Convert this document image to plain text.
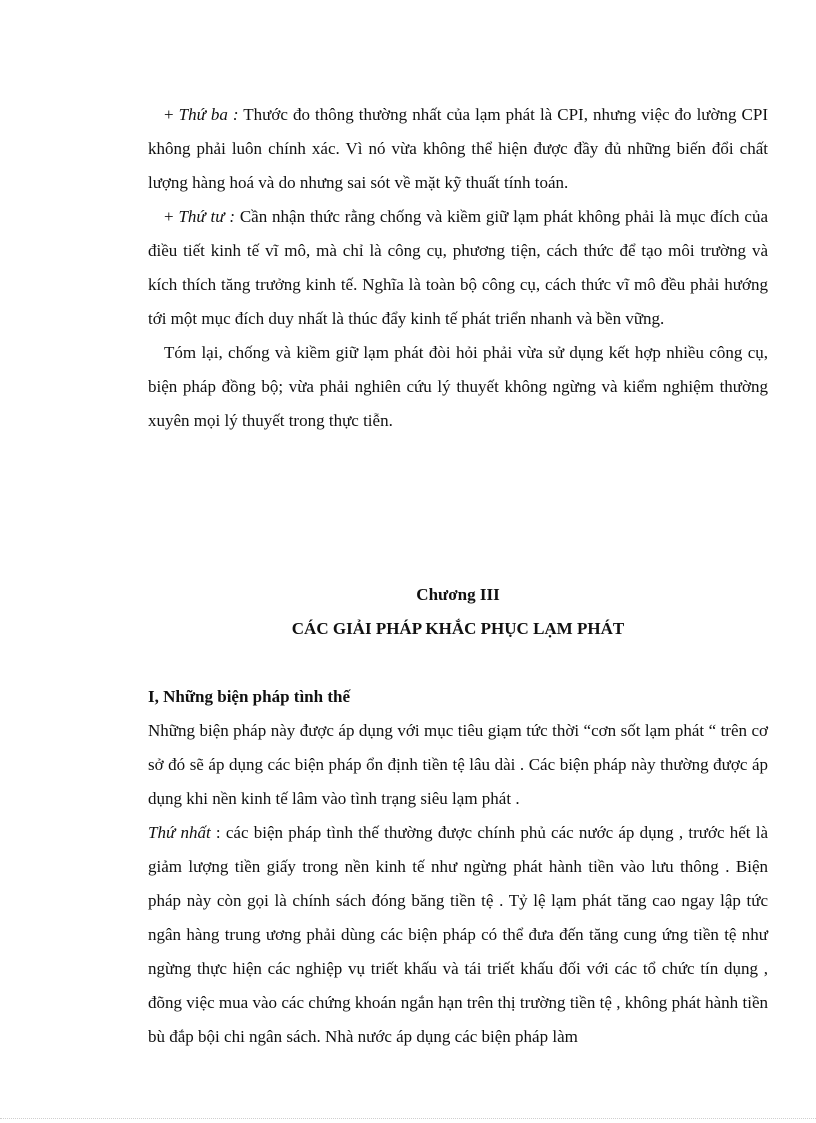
+ Thứ ba : Thước đo thông thường nhất của lạm phát là CPI, nhưng việc đo lường CPI không phải luôn chính xác. Vì nó vừa không thể hiện được đầy đủ những biến đổi chất lượng hàng hoá và do nhưng sai sót về mặt kỹ thuất tính toán.

+ Thứ tư : Cần nhận thức rằng chống và kiềm giữ lạm phát không phải là mục đích của điều tiết kinh tế vĩ mô, mà chỉ là công cụ, phương tiện, cách thức để tạo môi trường và kích thích tăng trưởng kinh tế. Nghĩa là toàn bộ công cụ, cách thức vĩ mô đều phải hướng tới một mục đích duy nhất là thúc đẩy kinh tế phát triển nhanh và bền vững.

Tóm lại, chống và kiềm giữ lạm phát đòi hỏi phải vừa sử dụng kết hợp nhiều công cụ, biện pháp đồng bộ; vừa phải nghiên cứu lý thuyết không ngừng và kiểm nghiệm thường xuyên mọi lý thuyết trong thực tiễn.

Chương III

CÁC GIẢI PHÁP KHẮC PHỤC LẠM PHÁT

I, Những biện pháp tình thế

Những biện pháp này được áp dụng với mục tiêu giạm tức thời “cơn sốt lạm phát “ trên cơ sở đó sẽ áp dụng các biện pháp ổn định tiền tệ lâu dài . Các biện pháp này thường được áp dụng khi nền kinh tế lâm vào tình trạng siêu lạm phát .

Thứ nhất : các biện pháp tình thế thường được chính phủ các nước áp dụng , trước hết là giảm lượng tiền giấy trong nền kinh tế như ngừng phát hành tiền vào lưu thông . Biện pháp này còn gọi là chính sách đóng băng tiền tệ . Tỷ lệ lạm phát tăng cao ngay lập tức ngân hàng trung ương phải dùng các biện pháp có thể đưa đến tăng cung ứng tiền tệ như ngừng thực hiện các nghiệp vụ triết khấu và tái triết khấu đối với các tổ chức tín dụng , đõng việc mua vào các chứng khoán ngắn hạn trên thị trường tiền tệ , không phát hành tiền bù đắp bội chi ngân sách. Nhà nước áp dụng các biện pháp làm
